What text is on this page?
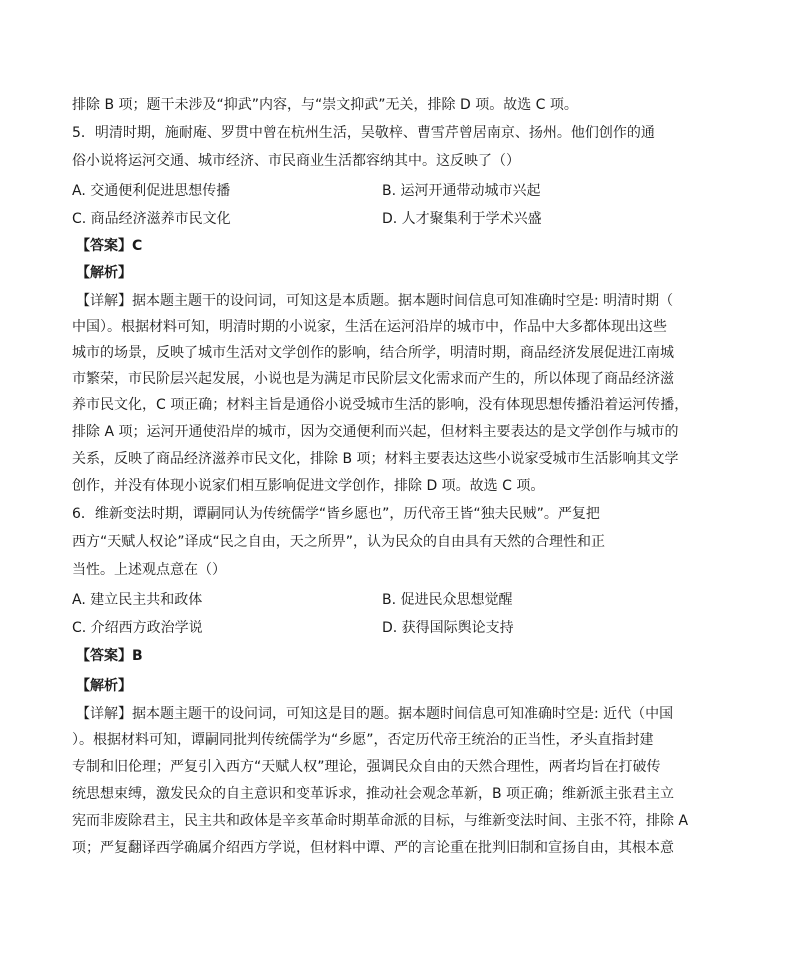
排除 B 项；题干未涉及“抑武”内容，与“崇文抑武”无关，排除 D 项。故选 C 项。
5．明清时期，施耐庵、罗贯中曾在杭州生活，吴敬梓、曹雪芹曾居南京、扬州。他们创作的通
俗小说将运河交通、城市经济、市民商业生活都容纳其中。这反映了（）
A. 交通便利促进思想传播	B. 运河开通带动城市兴起
C. 商品经济滋养市民文化	D. 人才聚集利于学术兴盛
【答案】C
【解析】
【详解】据本题主题干的设问词，可知这是本质题。据本题时间信息可知准确时空是: 明清时期（
中国）。根据材料可知，明清时期的小说家，生活在运河沿岸的城市中，作品中大多都体现出这些
城市的场景，反映了城市生活对文学创作的影响，结合所学，明清时期，商品经济发展促进江南城
市繁荣，市民阶层兴起发展，小说也是为满足市民阶层文化需求而产生的，所以体现了商品经济滋
养市民文化，C 项正确；材料主旨是通俗小说受城市生活的影响，没有体现思想传播沿着运河传播，
排除 A 项；运河开通使沿岸的城市，因为交通便利而兴起，但材料主要表达的是文学创作与城市的
关系，反映了商品经济滋养市民文化，排除 B 项；材料主要表达这些小说家受城市生活影响其文学
创作，并没有体现小说家们相互影响促进文学创作，排除 D 项。故选 C 项。
6．维新变法时期，谭嗣同认为传统儒学“皆乡愿也”，历代帝王皆“独夫民贼”。严复把
西方“天赋人权论”译成“民之自由，天之所畀”，认为民众的自由具有天然的合理性和正
当性。上述观点意在（）
A. 建立民主共和政体	B. 促进民众思想觉醒
C. 介绍西方政治学说	D. 获得国际舆论支持
【答案】B
【解析】
【详解】据本题主题干的设问词，可知这是目的题。据本题时间信息可知准确时空是: 近代（中国
）。根据材料可知，谭嗣同批判传统儒学为“乡愿”，否定历代帝王统治的正当性，矛头直指封建
专制和旧伦理；严复引入西方“天赋人权”理论，强调民众自由的天然合理性，两者均旨在打破传
统思想束缚，激发民众的自主意识和变革诉求，推动社会观念革新，B 项正确；维新派主张君主立
宪而非废除君主，民主共和政体是辛亥革命时期革命派的目标，与维新变法时间、主张不符，排除 A
项；严复翻译西学确属介绍西方学说，但材料中谭、严的言论重在批判旧制和宣扬自由，其根本意
